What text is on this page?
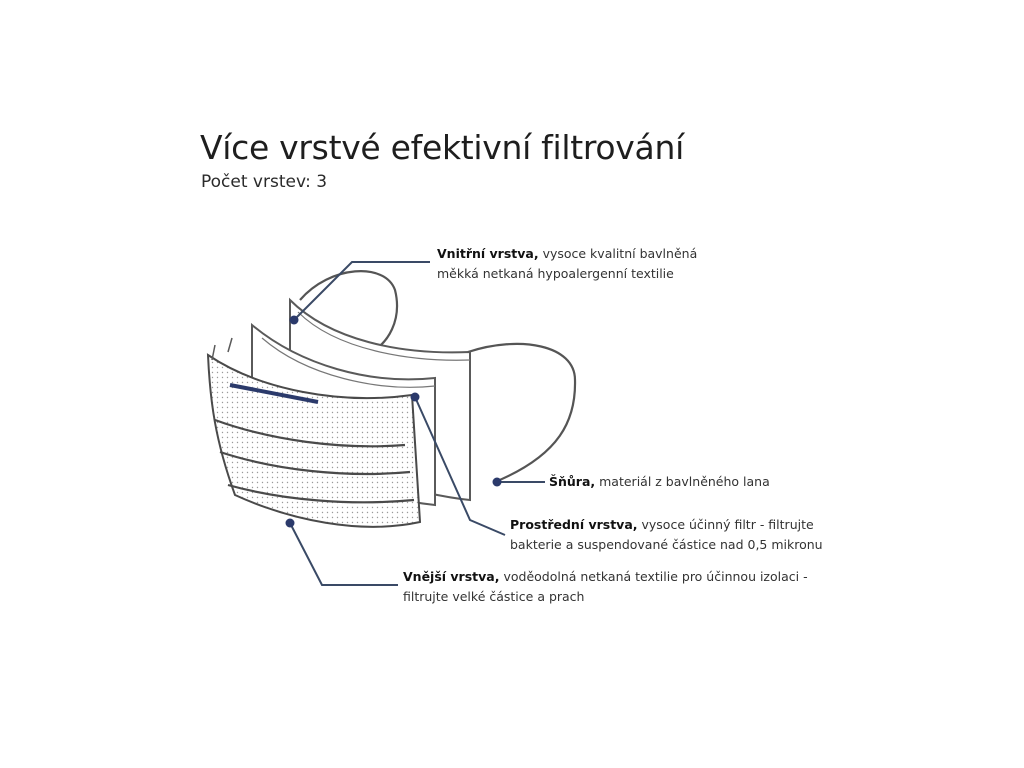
Více vrstvé efektivní filtrování
Počet vrstev: 3
Vnitřní vrstva, vysoce kvalitní bavlněná
měkká netkaná hypoalergenní textilie
Šňůra, materiál z bavlněného lana
Prostřední vrstva, vysoce účinný filtr - filtrujte
bakterie a suspendované částice nad 0,5 mikronu
Vnější vrstva, voděodolná netkaná textilie pro účinnou izolaci -
filtrujte velké částice a prach
